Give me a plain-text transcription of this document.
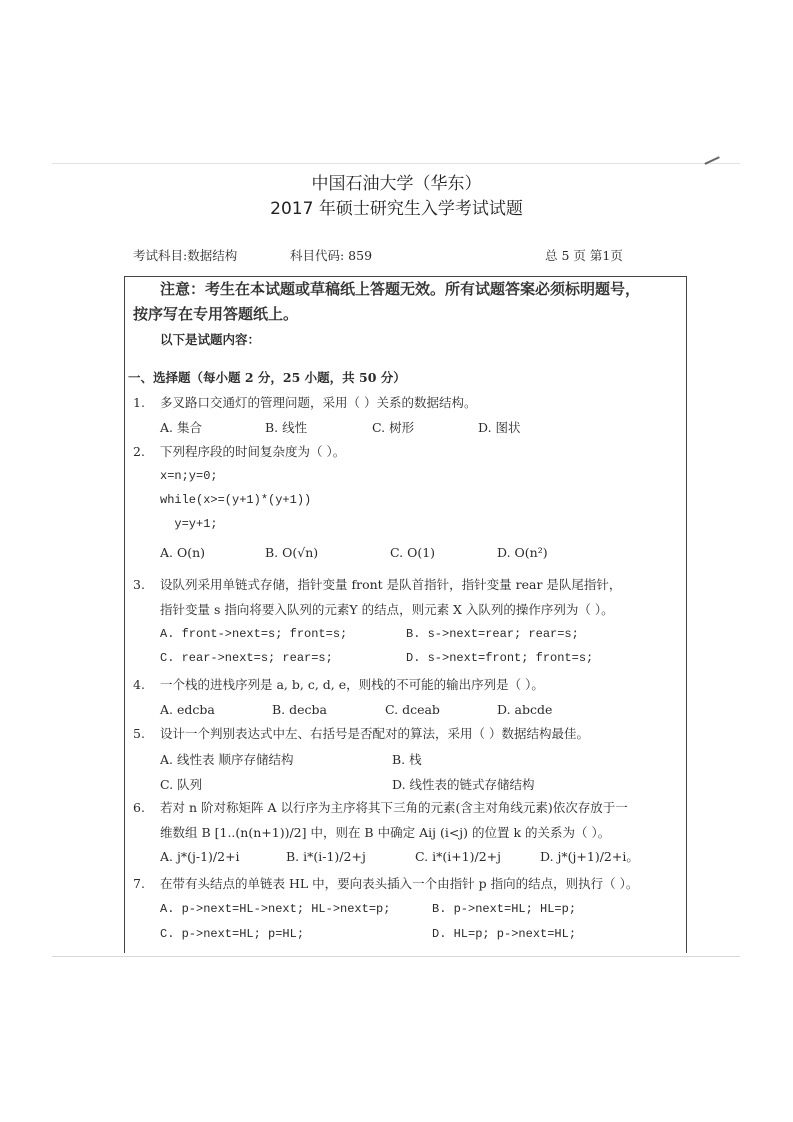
中国石油大学（华东）
2017 年硕士研究生入学考试试题
考试科目:数据结构	科目代码: 859	总 5 页 第1页
注意：考生在本试题或草稿纸上答题无效。所有试题答案必须标明题号，
按序写在专用答题纸上。
以下是试题内容：
一、选择题（每小题 2 分，25 小题，共 50 分）
1. 多叉路口交通灯的管理问题，采用（ ）关系的数据结构。
A. 集合	B. 线性	C. 树形	D. 图状
2. 下列程序段的时间复杂度为（ ）。
x=n;y=0;
while(x>=(y+1)*(y+1))
y=y+1;
A. O(n)	B. O(√n)	C. O(1)	D. O(n²)
3. 设队列采用单链式存储，指针变量 front 是队首指针，指针变量 rear 是队尾指针，
指针变量 s 指向将要入队列的元素Y 的结点，则元素 X 入队列的操作序列为（ ）。
A. front->next=s; front=s;	B. s->next=rear; rear=s;
C. rear->next=s; rear=s;	D. s->next=front; front=s;
4. 一个栈的进栈序列是 a, b, c, d, e，则栈的不可能的输出序列是（ ）。
A. edcba	B. decba	C. dceab	D. abcde
5. 设计一个判别表达式中左、右括号是否配对的算法，采用（ ）数据结构最佳。
A. 线性表 顺序存储结构	B. 栈
C. 队列	D. 线性表的链式存储结构
6. 若对 n 阶对称矩阵 A 以行序为主序将其下三角的元素(含主对角线元素)依次存放于一
维数组 B [1..(n(n+1))/2] 中，则在 B 中确定 Aij (i<j) 的位置 k 的关系为（ ）。
A. j*(j-1)/2+i	B. i*(i-1)/2+j	C. i*(i+1)/2+j	D. j*(j+1)/2+i。
7. 在带有头结点的单链表 HL 中，要向表头插入一个由指针 p 指向的结点，则执行（ ）。
A. p->next=HL->next; HL->next=p;	B. p->next=HL; HL=p;
C. p->next=HL; p=HL;	D. HL=p; p->next=HL;
